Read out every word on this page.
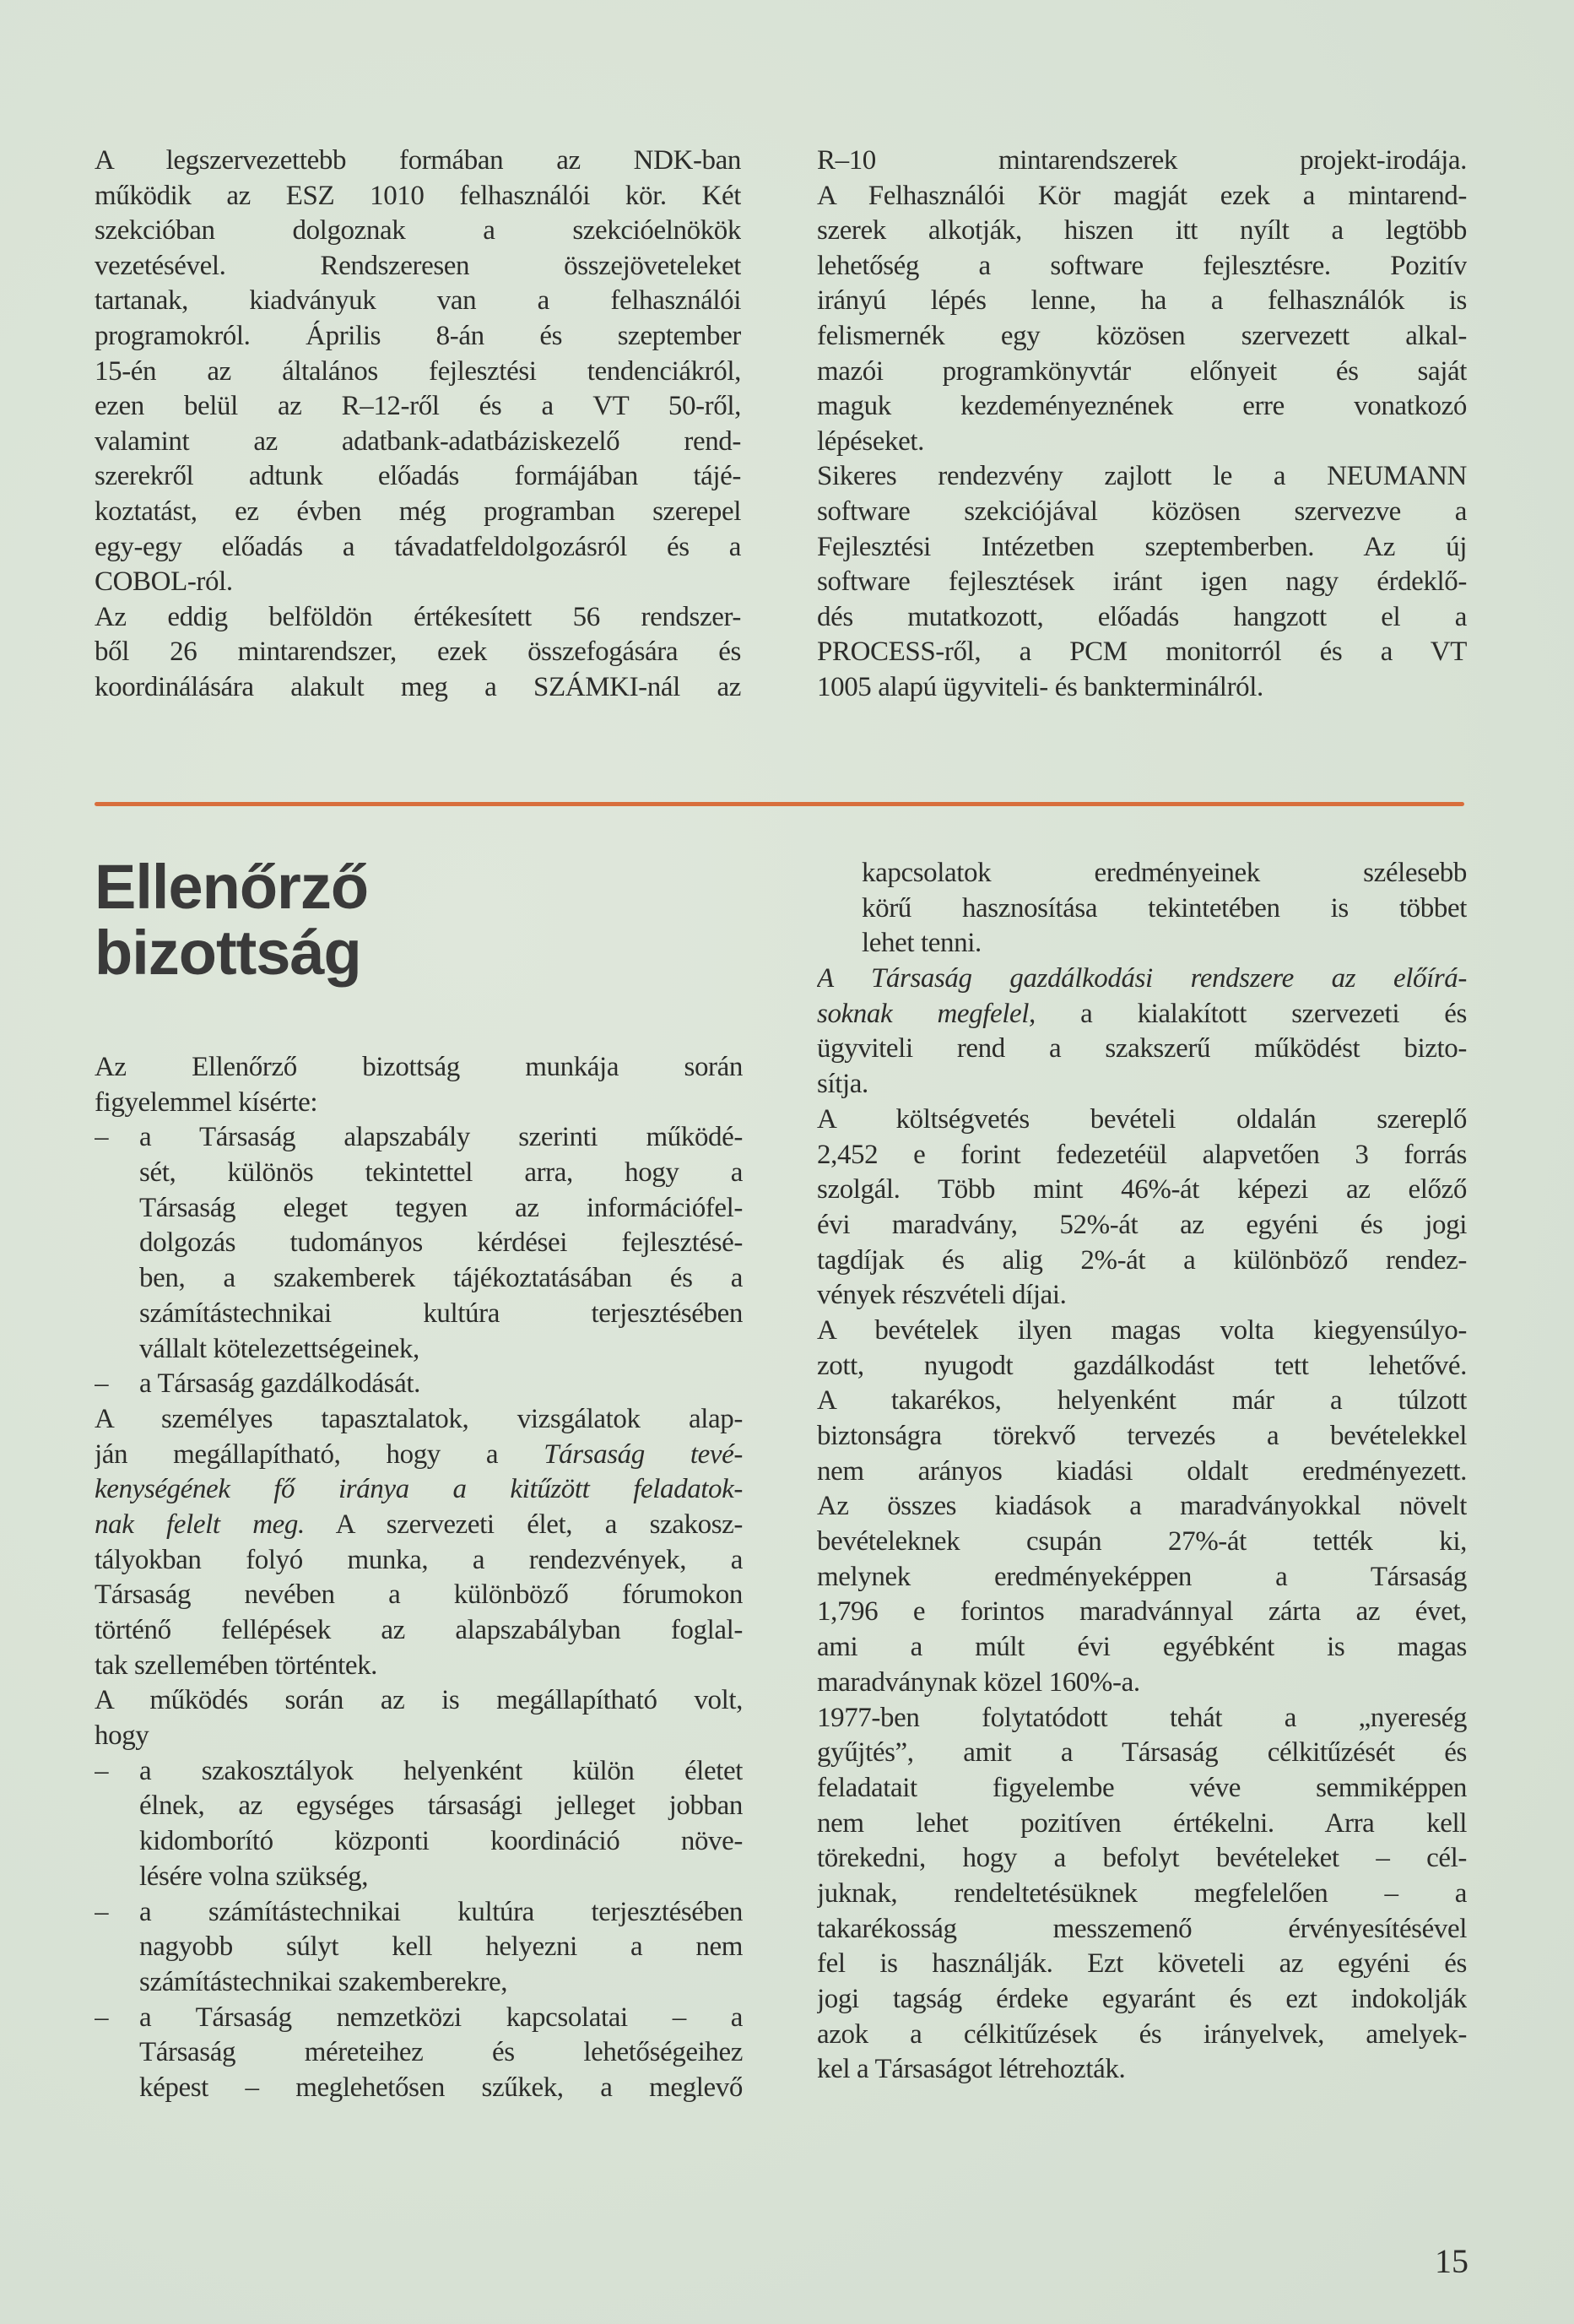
A legszervezettebb formában az NDK-ban
működik az ESZ 1010 felhasználói kör. Két
szekcióban dolgoznak a szekcióelnökök
vezetésével. Rendszeresen összejöveteleket
tartanak, kiadványuk van a felhasználói
programokról. Április 8-án és szeptember
15-én az általános fejlesztési tendenciákról,
ezen belül az R–12-ről és a VT 50-ről,
valamint az adatbank-adatbáziskezelő rend-
szerekről adtunk előadás formájában tájé-
koztatást, ez évben még programban szerepel
egy-egy előadás a távadatfeldolgozásról és a
COBOL-ról.
Az eddig belföldön értékesített 56 rendszer-
ből 26 mintarendszer, ezek összefogására és
koordinálására alakult meg a SZÁMKI-nál az
R–10 mintarendszerek projekt-irodája.
A Felhasználói Kör magját ezek a mintarend-
szerek alkotják, hiszen itt nyílt a legtöbb
lehetőség a software fejlesztésre. Pozitív
irányú lépés lenne, ha a felhasználók is
felismernék egy közösen szervezett alkal-
mazói programkönyvtár előnyeit és saját
maguk kezdeményeznének erre vonatkozó
lépéseket.
Sikeres rendezvény zajlott le a NEUMANN
software szekciójával közösen szervezve a
Fejlesztési Intézetben szeptemberben. Az új
software fejlesztések iránt igen nagy érdeklő-
dés mutatkozott, előadás hangzott el a
PROCESS-ről, a PCM monitorról és a VT
1005 alapú ügyviteli- és bankterminálról.
Ellenőrző
bizottság
Az Ellenőrző bizottság munkája során
figyelemmel kísérte:
– a Társaság alapszabály szerinti működé-
sét, különös tekintettel arra, hogy a
Társaság eleget tegyen az információfel-
dolgozás tudományos kérdései fejlesztésé-
ben, a szakemberek tájékoztatásában és a
számítástechnikai kultúra terjesztésében
vállalt kötelezettségeinek,
– a Társaság gazdálkodását.
A személyes tapasztalatok, vizsgálatok alap-
ján megállapítható, hogy a Társaság tevé-
kenységének fő iránya a kitűzött feladatok-
nak felelt meg. A szervezeti élet, a szakosz-
tályokban folyó munka, a rendezvények, a
Társaság nevében a különböző fórumokon
történő fellépések az alapszabályban foglal-
tak szellemében történtek.
A működés során az is megállapítható volt,
hogy
– a szakosztályok helyenként külön életet
élnek, az egységes társasági jelleget jobban
kidomborító központi koordináció növe-
lésére volna szükség,
– a számítástechnikai kultúra terjesztésében
nagyobb súlyt kell helyezni a nem
számítástechnikai szakemberekre,
– a Társaság nemzetközi kapcsolatai – a
Társaság méreteihez és lehetőségeihez
képest – meglehetősen szűkek, a meglevő
kapcsolatok eredményeinek szélesebb
körű hasznosítása tekintetében is többet
lehet tenni.
A Társaság gazdálkodási rendszere az előírá-
soknak megfelel, a kialakított szervezeti és
ügyviteli rend a szakszerű működést bizto-
sítja.
A költségvetés bevételi oldalán szereplő
2,452 e forint fedezetéül alapvetően 3 forrás
szolgál. Több mint 46%-át képezi az előző
évi maradvány, 52%-át az egyéni és jogi
tagdíjak és alig 2%-át a különböző rendez-
vények részvételi díjai.
A bevételek ilyen magas volta kiegyensúlyo-
zott, nyugodt gazdálkodást tett lehetővé.
A takarékos, helyenként már a túlzott
biztonságra törekvő tervezés a bevételekkel
nem arányos kiadási oldalt eredményezett.
Az összes kiadások a maradványokkal növelt
bevételeknek csupán 27%-át tették ki,
melynek eredményeképpen a Társaság
1,796 e forintos maradvánnyal zárta az évet,
ami a múlt évi egyébként is magas
maradványnak közel 160%-a.
1977-ben folytatódott tehát a „nyereség
gyűjtés”, amit a Társaság célkitűzését és
feladatait figyelembe véve semmiképpen
nem lehet pozitíven értékelni. Arra kell
törekedni, hogy a befolyt bevételeket – cél-
juknak, rendeltetésüknek megfelelően – a
takarékosság messzemenő érvényesítésével
fel is használják. Ezt követeli az egyéni és
jogi tagság érdeke egyaránt és ezt indokolják
azok a célkitűzések és irányelvek, amelyek-
kel a Társaságot létrehozták.
15
